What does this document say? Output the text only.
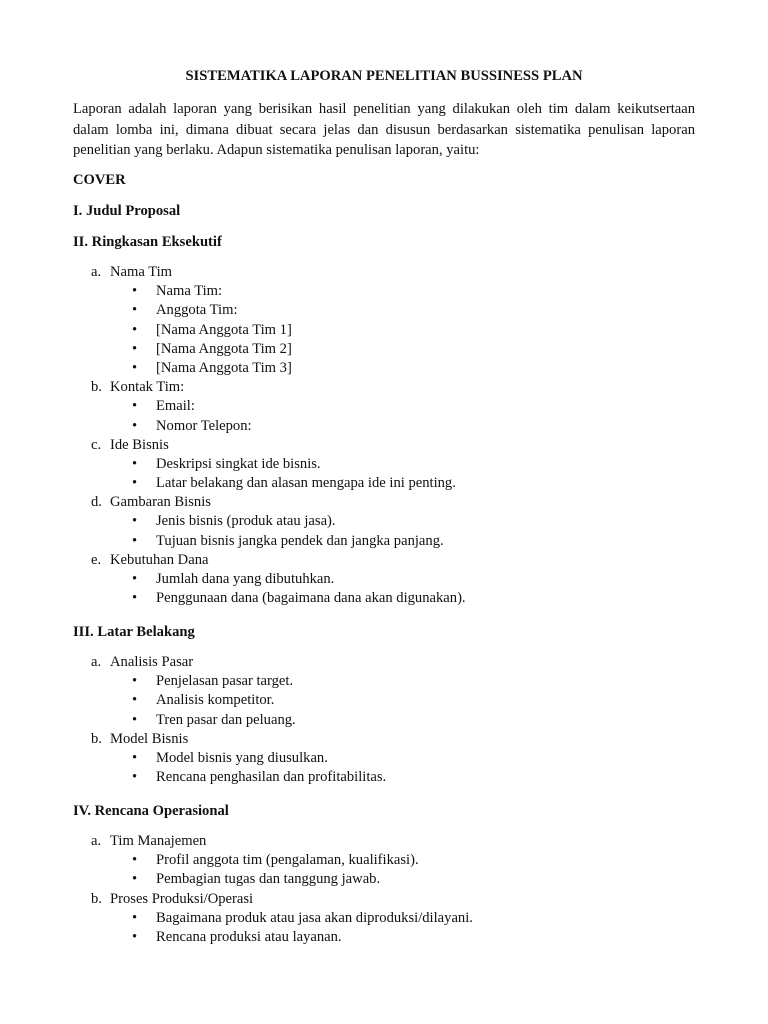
SISTEMATIKA LAPORAN PENELITIAN BUSSINESS PLAN

Laporan adalah laporan yang berisikan hasil penelitian yang dilakukan oleh tim dalam keikutsertaan dalam lomba ini, dimana dibuat secara jelas dan disusun berdasarkan sistematika penulisan laporan penelitian yang berlaku. Adapun sistematika penulisan laporan, yaitu:

COVER

I. Judul Proposal

II. Ringkasan Eksekutif

a. Nama Tim
• Nama Tim:
• Anggota Tim:
• [Nama Anggota Tim 1]
• [Nama Anggota Tim 2]
• [Nama Anggota Tim 3]
b. Kontak Tim:
• Email:
• Nomor Telepon:
c. Ide Bisnis
• Deskripsi singkat ide bisnis.
• Latar belakang dan alasan mengapa ide ini penting.
d. Gambaran Bisnis
• Jenis bisnis (produk atau jasa).
• Tujuan bisnis jangka pendek dan jangka panjang.
e. Kebutuhan Dana
• Jumlah dana yang dibutuhkan.
• Penggunaan dana (bagaimana dana akan digunakan).

III. Latar Belakang

a. Analisis Pasar
• Penjelasan pasar target.
• Analisis kompetitor.
• Tren pasar dan peluang.
b. Model Bisnis
• Model bisnis yang diusulkan.
• Rencana penghasilan dan profitabilitas.

IV. Rencana Operasional

a. Tim Manajemen
• Profil anggota tim (pengalaman, kualifikasi).
• Pembagian tugas dan tanggung jawab.
b. Proses Produksi/Operasi
• Bagaimana produk atau jasa akan diproduksi/dilayani.
• Rencana produksi atau layanan.
